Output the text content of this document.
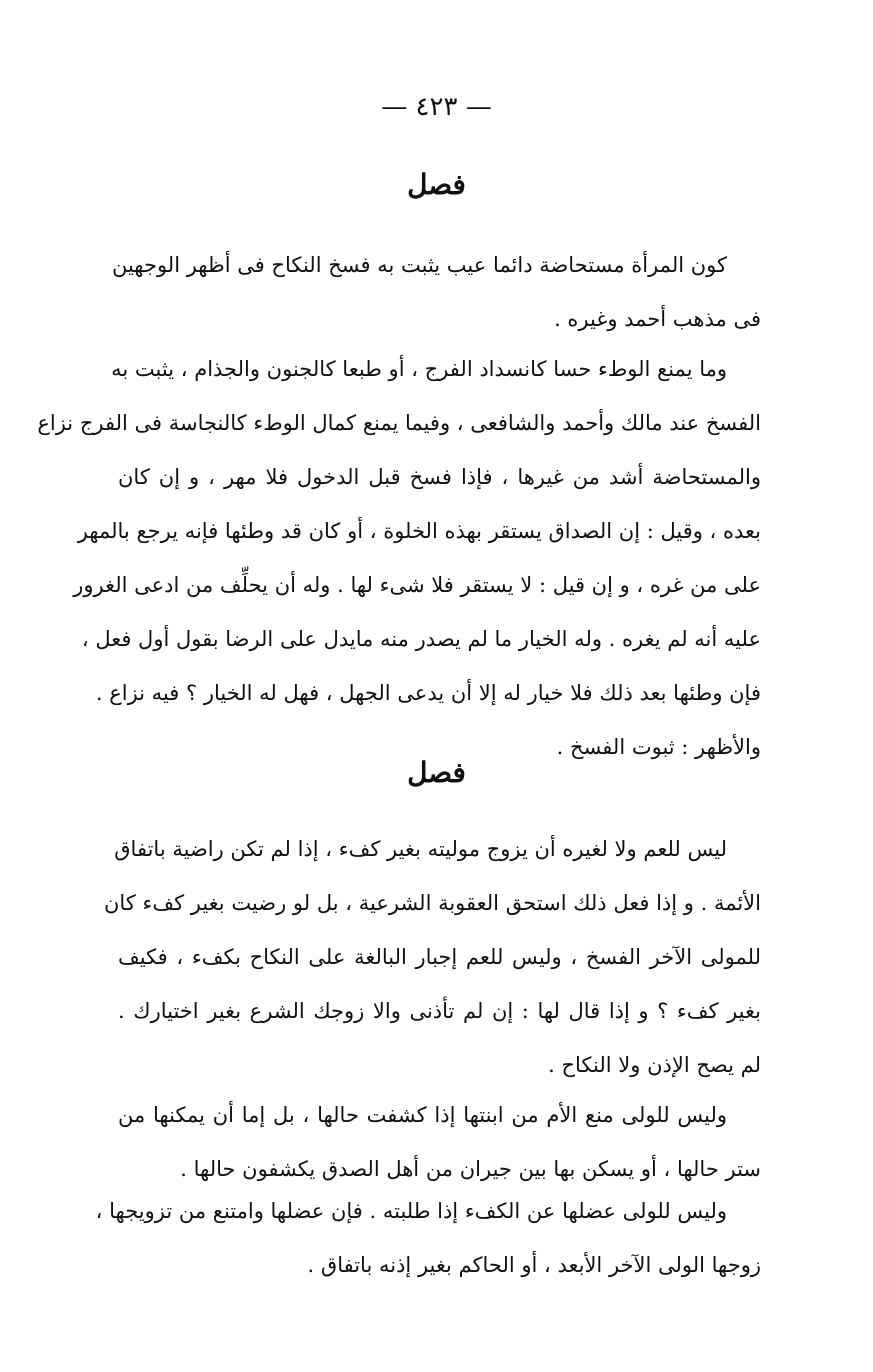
— ٤٢٣ —
فصل
كون المرأة مستحاضة دائما عيب يثبت به فسخ النكاح فى أظهر الوجهين
فى مذهب أحمد وغيره .
وما يمنع الوطء حسا كانسداد الفرج ، أو طبعا كالجنون والجذام ، يثبت به
الفسخ عند مالك وأحمد والشافعى ، وفيما يمنع كمال الوطء كالنجاسة فى الفرج نزاع
والمستحاضة أشد من غيرها ، فإذا فسخ قبل الدخول فلا مهر ، و إن كان
بعده ، وقيل : إن الصداق يستقر بهذه الخلوة ، أو كان قد وطئها فإنه يرجع بالمهر
على من غره ، و إن قيل : لا يستقر فلا شىء لها . وله أن يحلِّف من ادعى الغرور
عليه أنه لم يغره . وله الخيار ما لم يصدر منه مايدل على الرضا بقول أول فعل ،
فإن وطئها بعد ذلك فلا خيار له إلا أن يدعى الجهل ، فهل له الخيار ؟ فيه نزاع .
والأظهر : ثبوت الفسخ .
فصل
ليس للعم ولا لغيره أن يزوج موليته بغير كفء ، إذا لم تكن راضية باتفاق
الأئمة . و إذا فعل ذلك استحق العقوبة الشرعية ، بل لو رضيت بغير كفء كان
للمولى الآخر الفسخ ، وليس للعم إجبار البالغة على النكاح بكفء ، فكيف
بغير كفء ؟ و إذا قال لها : إن لم تأذنى والا زوجك الشرع بغير اختيارك .
لم يصح الإذن ولا النكاح .
وليس للولى منع الأم من ابنتها إذا كشفت حالها ، بل إما أن يمكنها من
ستر حالها ، أو يسكن بها بين جيران من أهل الصدق يكشفون حالها .
وليس للولى عضلها عن الكفء إذا طلبته . فإن عضلها وامتنع من تزويجها ،
زوجها الولى الآخر الأبعد ، أو الحاكم بغير إذنه باتفاق .
